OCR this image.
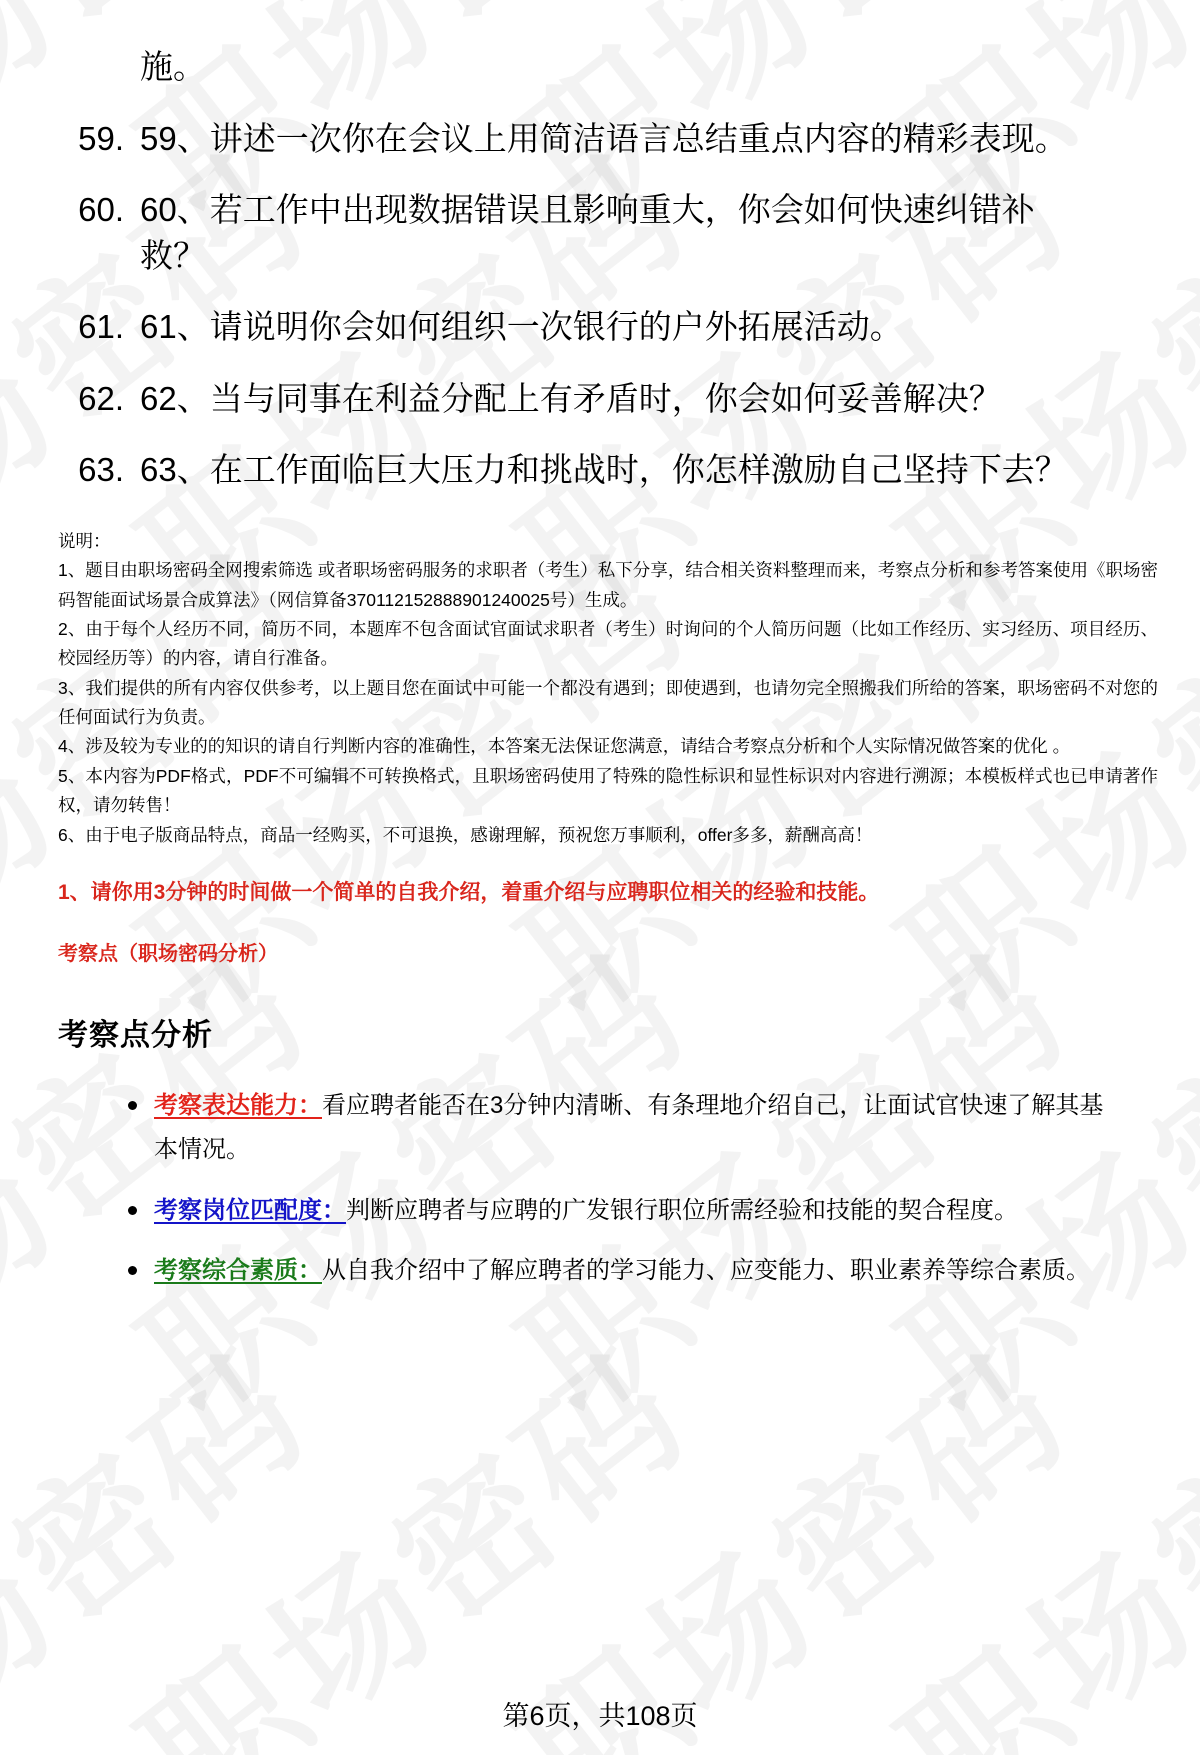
施。

59. 59、讲述一次你在会议上用简洁语言总结重点内容的精彩表现。
60. 60、若工作中出现数据错误且影响重大，你会如何快速纠错补
救？
61. 61、请说明你会如何组织一次银行的户外拓展活动。
62. 62、当与同事在利益分配上有矛盾时，你会如何妥善解决？
63. 63、在工作面临巨大压力和挑战时，你怎样激励自己坚持下去？

说明：

1、题目由职场密码全网搜索筛选 或者职场密码服务的求职者（考生）私下分享，结合相关资料整理而来，考察点分析和参考答案使用《职场密码智能面试场景合成算法》（网信算备370112152888901240025号）生成。

2、由于每个人经历不同，简历不同，本题库不包含面试官面试求职者（考生）时询问的个人简历问题（比如工作经历、实习经历、项目经历、校园经历等）的内容，请自行准备。

3、我们提供的所有内容仅供参考，以上题目您在面试中可能一个都没有遇到；即使遇到，也请勿完全照搬我们所给的答案，职场密码不对您的任何面试行为负责。

4、涉及较为专业的的知识的请自行判断内容的准确性，本答案无法保证您满意，请结合考察点分析和个人实际情况做答案的优化 。

5、本内容为PDF格式，PDF不可编辑不可转换格式，且职场密码使用了特殊的隐性标识和显性标识对内容进行溯源；本模板样式也已申请著作权，请勿转售！

6、由于电子版商品特点，商品一经购买，不可退换，感谢理解，预祝您万事顺利，offer多多，薪酬高高！

1、请你用3分钟的时间做一个简单的自我介绍，着重介绍与应聘职位相关的经验和技能。

考察点（职场密码分析）

考察点分析
考察表达能力：看应聘者能否在3分钟内清晰、有条理地介绍自己，让面试官快速了解其基本情况。
考察岗位匹配度：判断应聘者与应聘的广发银行职位所需经验和技能的契合程度。
考察综合素质：从自我介绍中了解应聘者的学习能力、应变能力、职业素养等综合素质。
第6页，共108页
